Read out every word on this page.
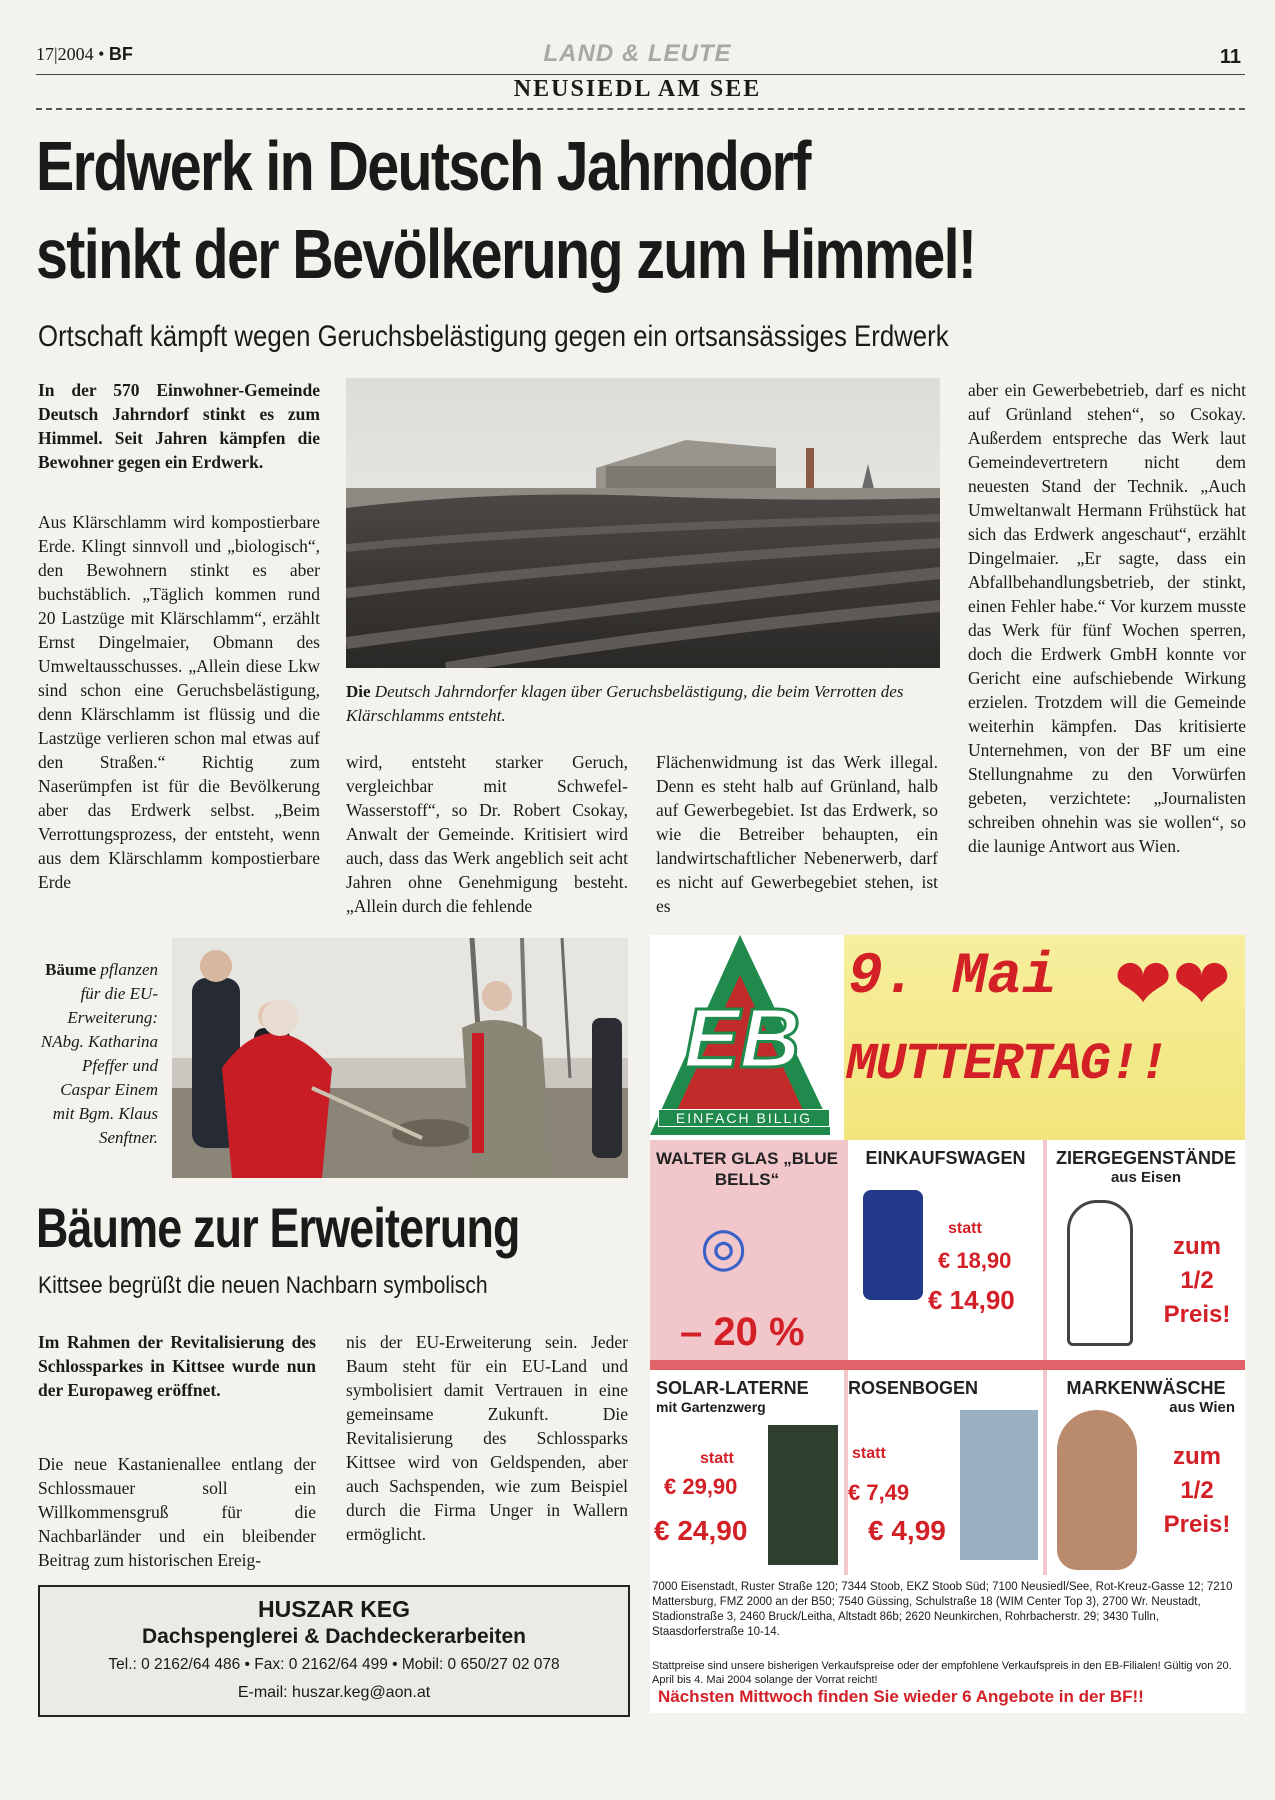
17|2004 • BF	LAND & LEUTE	11
NEUSIEDL AM SEE
Erdwerk in Deutsch Jahrndorf
stinkt der Bevölkerung zum Himmel!
Ortschaft kämpft wegen Geruchsbelästigung gegen ein ortsansässiges Erdwerk
In der 570 Einwohner-Gemeinde Deutsch Jahrndorf stinkt es zum Himmel. Seit Jahren kämpfen die Bewohner gegen ein Erdwerk.
Aus Klärschlamm wird kompostierbare Erde. Klingt sinnvoll und „biologisch“, den Bewohnern stinkt es aber buchstäblich. „Täglich kommen rund 20 Lastzüge mit Klärschlamm“, erzählt Ernst Dingelmaier, Obmann des Umweltausschusses. „Allein diese Lkw sind schon eine Geruchsbelästigung, denn Klärschlamm ist flüssig und die Lastzüge verlieren schon mal etwas auf den Straßen.“ Richtig zum Naserümpfen ist für die Bevölkerung aber das Erdwerk selbst. „Beim Verrottungsprozess, der entsteht, wenn aus dem Klärschlamm kompostierbare Erde
Die Deutsch Jahrndorfer klagen über Geruchsbelästigung, die beim Verrotten des Klärschlamms entsteht.
wird, entsteht starker Geruch, vergleichbar mit Schwefel-Wasserstoff“, so Dr. Robert Csokay, Anwalt der Gemeinde. Kritisiert wird auch, dass das Werk angeblich seit acht Jahren ohne Genehmigung besteht. „Allein durch die fehlende
Flächenwidmung ist das Werk illegal. Denn es steht halb auf Grünland, halb auf Gewerbegebiet. Ist das Erdwerk, so wie die Betreiber behaupten, ein landwirtschaftlicher Nebenerwerb, darf es nicht auf Gewerbegebiet stehen, ist es
aber ein Gewerbebetrieb, darf es nicht auf Grünland stehen“, so Csokay. Außerdem entspreche das Werk laut Gemeindevertretern nicht dem neuesten Stand der Technik. „Auch Umweltanwalt Hermann Frühstück hat sich das Erdwerk angeschaut“, erzählt Dingelmaier. „Er sagte, dass ein Abfallbehandlungsbetrieb, der stinkt, einen Fehler habe.“ Vor kurzem musste das Werk für fünf Wochen sperren, doch die Erdwerk GmbH konnte vor Gericht eine aufschiebende Wirkung erzielen. Trotzdem will die Gemeinde weiterhin kämpfen. Das kritisierte Unternehmen, von der BF um eine Stellungnahme zu den Vorwürfen gebeten, verzichtete: „Journalisten schreiben ohnehin was sie wollen“, so die launige Antwort aus Wien.
Bäume pflanzen für die EU-Erweiterung: NAbg. Katharina Pfeffer und Caspar Einem mit Bgm. Klaus Senftner.
Bäume zur Erweiterung
Kittsee begrüßt die neuen Nachbarn symbolisch
Im Rahmen der Revitalisierung des Schlossparkes in Kittsee wurde nun der Europaweg eröffnet.
Die neue Kastanienallee entlang der Schlossmauer soll ein Willkommensgruß für die Nachbarländer und ein bleibender Beitrag zum historischen Ereig-
nis der EU-Erweiterung sein. Jeder Baum steht für ein EU-Land und symbolisiert damit Vertrauen in eine gemeinsame Zukunft. Die Revitalisierung des Schlossparks Kittsee wird von Geldspenden, aber auch Sachspenden, wie zum Beispiel durch die Firma Unger in Wallern ermöglicht.
HUSZAR KEG
Dachspenglerei & Dachdeckerarbeiten
Tel.: 0 2162/64 486 • Fax: 0 2162/64 499 • Mobil: 0 650/27 02 078
E-mail: huszar.keg@aon.at
EB
EINFACH BILLIG
9. Mai ❤❤
MUTTERTAG!!
WALTER GLAS „BLUE BELLS“
◎
– 20 %
EINKAUFSWAGEN
statt
€ 18,90
€ 14,90
ZIERGEGENSTÄNDE
aus Eisen
zum 1/2 Preis!
SOLAR-LATERNE
mit Gartenzwerg
statt
€ 29,90
€ 24,90
ROSENBOGEN
statt
€ 7,49
€ 4,99
MARKENWÄSCHE
aus Wien
zum 1/2 Preis!
7000 Eisenstadt, Ruster Straße 120; 7344 Stoob, EKZ Stoob Süd; 7100 Neusiedl/See, Rot-Kreuz-Gasse 12; 7210 Mattersburg, FMZ 2000 an der B50; 7540 Güssing, Schulstraße 18 (WIM Center Top 3), 2700 Wr. Neustadt, Stadionstraße 3, 2460 Bruck/Leitha, Altstadt 86b; 2620 Neunkirchen, Rohrbacherstr. 29; 3430 Tulln, Staasdorferstraße 10-14.
Stattpreise sind unsere bisherigen Verkaufspreise oder der empfohlene Verkaufspreis in den EB-Filialen! Gültig von 20. April bis 4. Mai 2004 solange der Vorrat reicht!
Nächsten Mittwoch finden Sie wieder 6 Angebote in der BF!!
